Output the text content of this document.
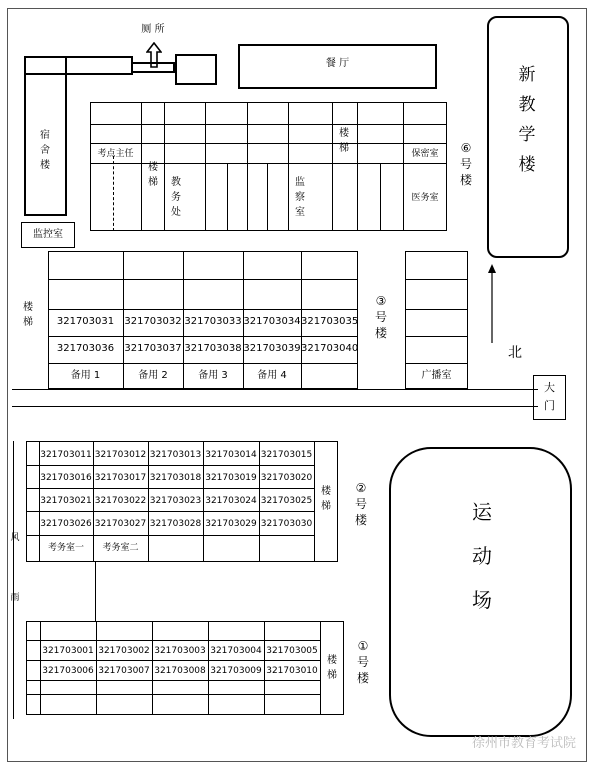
厕 所
宿舍楼
监控室
餐 厅
新教学楼
考点主任
楼梯 教务处
监察室
楼梯	保密室
医务室
⑥号楼
北
楼梯	321703031	321703032 321703033 321703034 321703035
321703036	321703037 321703038 321703039 321703040
备用 1	备用 2	备用 3	备用 4
③号楼
广播室
大门
楼梯
321703011 321703012 321703013 321703014 321703015
321703016 321703017 321703018 321703019 321703020
321703021 321703022 321703023 321703024 321703025
321703026 321703027 321703028 321703029 321703030
考务室一	考务室二
②号楼
风雨
楼梯
321703001 321703002 321703003 321703004 321703005
321703006 321703007 321703008 321703009 321703010
①号楼
运动场
徐州市教育考试院
